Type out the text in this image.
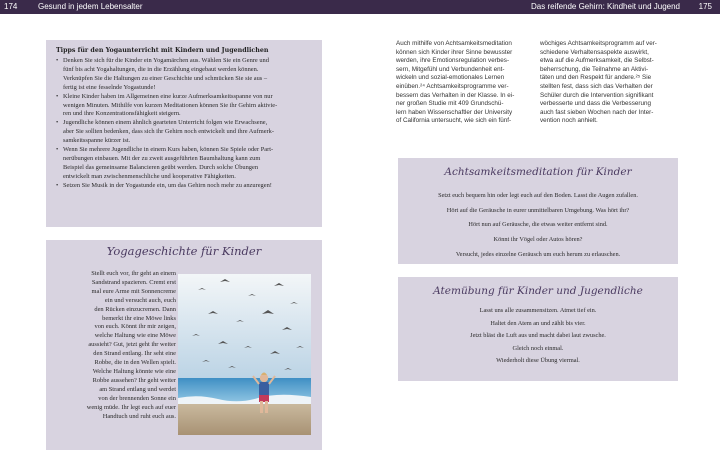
174	Gesund in jedem Lebensalter	Das reifende Gehirn: Kindheit und Jugend 175
Tipps für den Yogaunterricht mit Kindern und Jugendlichen
• Denken Sie sich für die Kinder ein Yogamärchen aus. Wählen Sie ein Genre und
fünf bis acht Yogahaltungen, die in die Erzählung eingebaut werden können.
Verknüpfen Sie die Haltungen zu einer Geschichte und schmücken Sie sie aus –
fertig ist eine fesselnde Yogastunde!
• Kleine Kinder haben im Allgemeinen eine kurze Aufmerksamkeitsspanne von nur
wenigen Minuten. Mithilfe von kurzen Meditationen können Sie ihr Gehirn aktivie-
ren und ihre Konzentrationsfähigkeit steigern.
• Jugendliche können einem ähnlich gearteten Unterricht folgen wie Erwachsene,
aber Sie sollten bedenken, dass sich ihr Gehirn noch entwickelt und ihre Aufmerk-
samkeitsspanne kürzer ist.
• Wenn Sie mehrere Jugendliche in einem Kurs haben, können Sie Spiele oder Part-
nerübungen einbauen. Mit der zu zweit ausgeführten Baumhaltung kann zum
Beispiel das gemeinsame Balancieren geübt werden. Durch solche Übungen
entwickelt man zwischenmenschliche und kooperative Fähigkeiten.
• Setzen Sie Musik in der Yogastunde ein, um das Gehirn noch mehr zu anzuregen!
Yogageschichte für Kinder
Stellt euch vor, ihr geht an einem
Sandstrand spazieren. Cremt erst
mal eure Arme mit Sonnencreme
ein und versucht auch, euch
den Rücken einzucremen. Dann
bemerkt ihr eine Möwe links
von euch. Könnt ihr mir zeigen,
welche Haltung wie eine Möwe
aussieht? Gut, jetzt geht ihr weiter
den Strand entlang. Ihr seht eine
Robbe, die in den Wellen spielt.
Welche Haltung könnte wie eine
Robbe aussehen? Ihr geht weiter
am Strand entlang und werdet
von der brennenden Sonne ein
wenig müde. Ihr legt euch auf euer
Handtuch und ruht euch aus.
Auch mithilfe von Achtsamkeitsmeditation
können sich Kinder ihrer Sinne bewusster
werden, ihre Emotionsregulation verbes-
sern, Mitgefühl und Verbundenheit ent-
wickeln und sozial-emotionales Lernen
einüben.²⁴ Achtsamkeitsprogramme ver-
bessern das Verhalten in der Klasse. In ei-
ner großen Studie mit 409 Grundschü-
lern haben Wissenschaftler der University
of California untersucht, wie sich ein fünf-
wöchiges Achtsamkeitsprogramm auf ver-
schiedene Verhaltensaspekte auswirkt,
etwa auf die Aufmerksamkeit, die Selbst-
beherrschung, die Teilnahme an Aktivi-
täten und den Respekt für andere.²⁵ Sie
stellten fest, dass sich das Verhalten der
Schüler durch die Intervention signifikant
verbesserte und dass die Verbesserung
auch fast sieben Wochen nach der Inter-
vention noch anhielt.
Achtsamkeitsmeditation für Kinder
Setzt euch bequem hin oder legt euch auf den Boden. Lasst die Augen zufallen.
Hört auf die Geräusche in eurer unmittelbaren Umgebung. Was hört ihr?
Hört nun auf Geräusche, die etwas weiter entfernt sind.
Könnt ihr Vögel oder Autos hören?
Versucht, jedes einzelne Geräusch um euch herum zu erlauschen.
Atemübung für Kinder und Jugendliche
Lasst uns alle zusammensitzen. Atmet tief ein.
Haltet den Atem an und zählt bis vier.
Jetzt bläst die Luft aus und macht dabei laut zwusche.
Gleich noch einmal.
Wiederholt diese Übung viermal.
